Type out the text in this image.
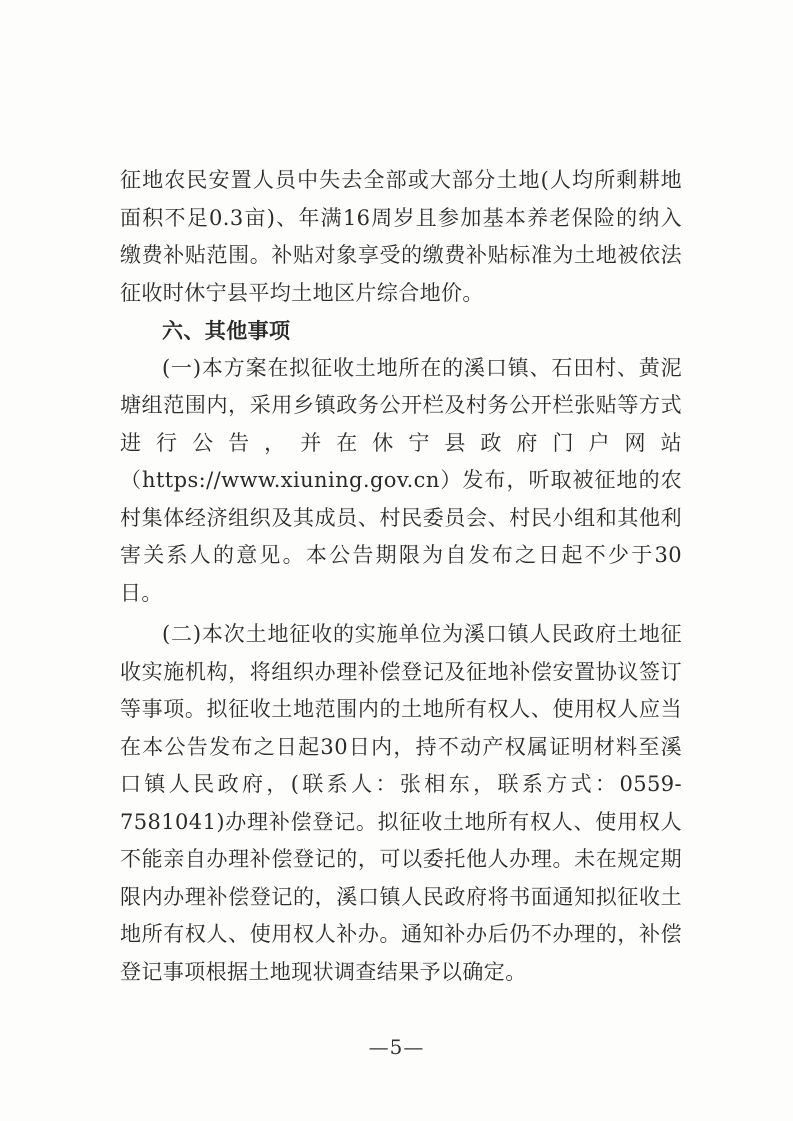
征地农民安置人员中失去全部或大部分土地(人均所剩耕地面积不足0.3亩)、年满16周岁且参加基本养老保险的纳入缴费补贴范围。补贴对象享受的缴费补贴标准为土地被依法征收时休宁县平均土地区片综合地价。

六、其他事项

(一)本方案在拟征收土地所在的溪口镇、石田村、黄泥塘组范围内，采用乡镇政务公开栏及村务公开栏张贴等方式进行公告，并在休宁县政府门户网站（https://www.xiuning.gov.cn）发布，听取被征地的农村集体经济组织及其成员、村民委员会、村民小组和其他利害关系人的意见。本公告期限为自发布之日起不少于30日。

(二)本次土地征收的实施单位为溪口镇人民政府土地征收实施机构，将组织办理补偿登记及征地补偿安置协议签订等事项。拟征收土地范围内的土地所有权人、使用权人应当在本公告发布之日起30日内，持不动产权属证明材料至溪口镇人民政府，(联系人：张相东，联系方式：0559-7581041)办理补偿登记。拟征收土地所有权人、使用权人不能亲自办理补偿登记的，可以委托他人办理。未在规定期限内办理补偿登记的，溪口镇人民政府将书面通知拟征收土地所有权人、使用权人补办。通知补办后仍不办理的，补偿登记事项根据土地现状调查结果予以确定。

—5—
